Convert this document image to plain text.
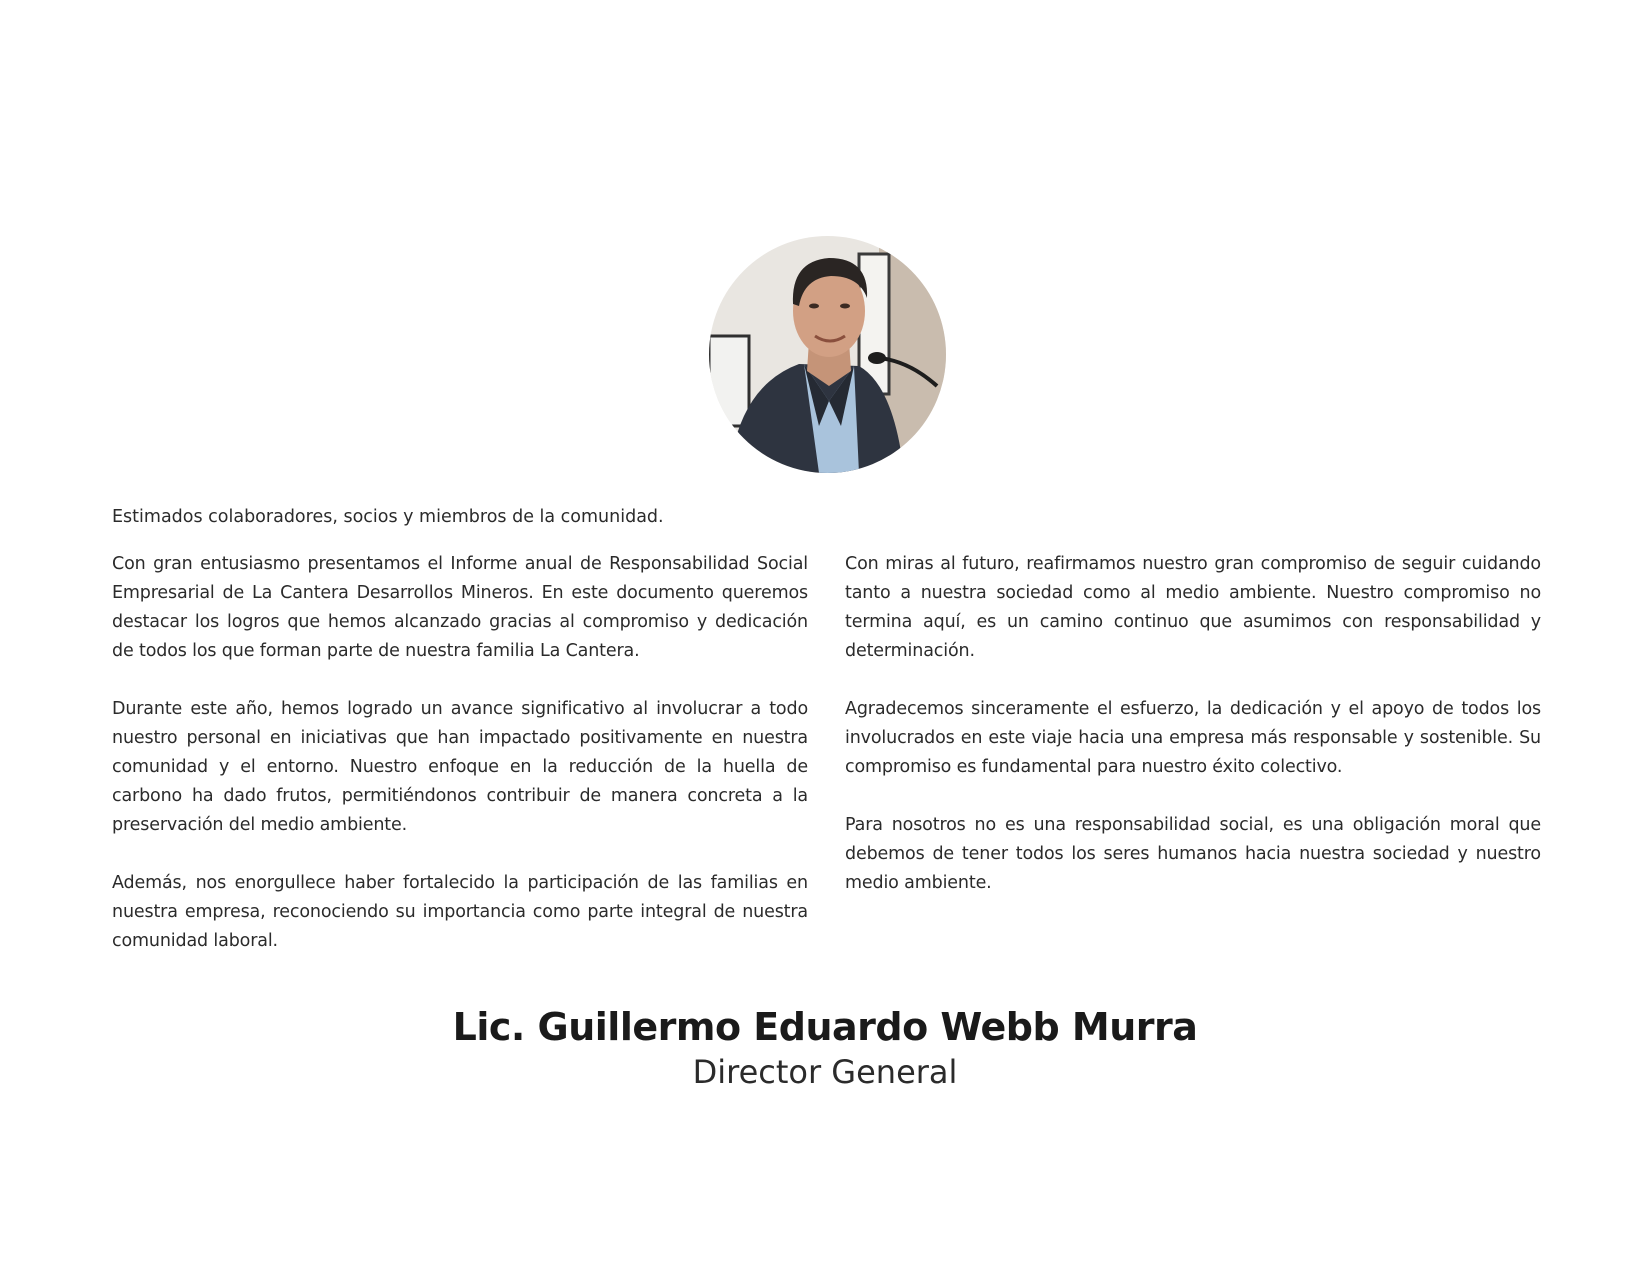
Estimados colaboradores, socios y miembros de la comunidad.

Con gran entusiasmo presentamos el Informe anual de Responsabilidad Social Empresarial de La Cantera Desarrollos Mineros. En este documento queremos destacar los logros que hemos alcanzado gracias al compromiso y dedicación de todos los que forman parte de nuestra familia La Cantera.

Durante este año, hemos logrado un avance significativo al involucrar a todo nuestro personal en iniciativas que han impactado positivamente en nuestra comunidad y el entorno. Nuestro enfoque en la reducción de la huella de carbono ha dado frutos, permitiéndonos contribuir de manera concreta a la preservación del medio ambiente.

Además, nos enorgullece haber fortalecido la participación de las familias en nuestra empresa, reconociendo su importancia como parte integral de nuestra comunidad laboral.

Con miras al futuro, reafirmamos nuestro gran compromiso de seguir cuidando tanto a nuestra sociedad como al medio ambiente. Nuestro compromiso no termina aquí, es un camino continuo que asumimos con responsabilidad y determinación.

Agradecemos sinceramente el esfuerzo, la dedicación y el apoyo de todos los involucrados en este viaje hacia una empresa más responsable y sostenible. Su compromiso es fundamental para nuestro éxito colectivo.

Para nosotros no es una responsabilidad social, es una obligación moral que debemos de tener todos los seres humanos hacia nuestra sociedad y nuestro medio ambiente.

Lic. Guillermo Eduardo Webb Murra
Director General
